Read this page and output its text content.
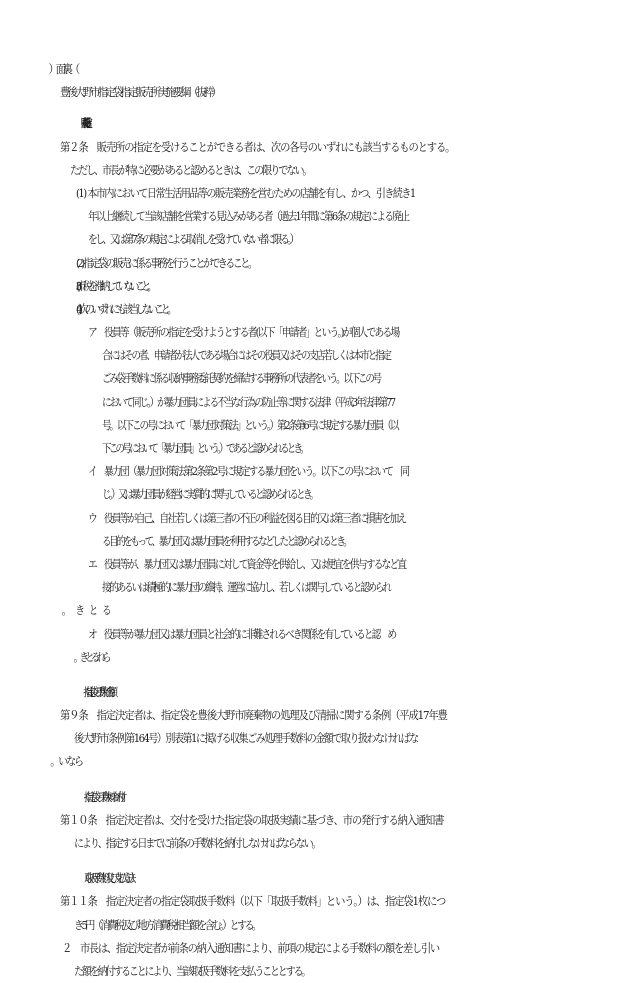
豊後大野市指定袋指定販売所実施要綱（抜粋）
（販売所の指定）
第２条　販売所の指定を受けることができる者は、次の各号のいずれにも該当するものとする。
ただし、市長が特に必要があると認めるときは、この限りでない。
(1) 本市内において日常生活用品等の販売業務を営むための店舗を有し、かつ、引き続き1
年以上継続して当該店舗を営業する見込みがある者（過去1年間に第6条の規定による廃止
をし、又は第7条の規定による取消しを受けていない者に限る。）
(2) 指定袋の販売に係る事務を行うことができること。
(3) 市税を滞納していないこと。
(4) 次のいずれにも該当しないこと。
ア　役員等（販売所の指定を受けようとする者(以下「申請者」という。)が個人である場
合にはその者、申請者が法人である場合にはその役員又はその支店若しくは本市と指定
ごみ袋手数料に係る収納事務委託契約を締結する事務所の代表者をいう。以下この号
において同じ。）が暴力団員による不当な行為の防止等に関する法律（平成3年法律第77
号。以下この号において「暴力団対策法」という。）第2条第6号に規定する暴力団員（以
下この号において「暴力団員」という。）であると認められるとき。
イ　暴力団（暴力団対策法第2条第2号に規定する暴力団をいう。以下この号において　同
じ。）又は暴力団員が経営に実質的に関与していると認められるとき。
ウ　役員等が自己、自社若しくは第三者の不正の利益を図る目的又は第三者に損害を加え
る目的をもって、暴力団又は暴力団員を利用するなどしたと認められるとき。
エ　役員等が、暴力団又は暴力団員に対して資金等を供給し、又は便宜を供与するなど直
接的あるいは積極的に暴力団の維持、運営に協力し、若しくは関与していると認められ
オ　役員等が暴力団又は暴力団員と社会的に非難されるべき関係を有していると認　め
（指定袋の手数料金額）
第９条　指定決定者は、指定袋を豊後大野市廃棄物の処理及び清掃に関する条例（平成17年豊
後大野市条例第164号）別表第1に掲げる収集ごみ処理手数料の金額で取り扱わなければな
（指定袋の手数料の納付）
第１０条　指定決定者は、交付を受けた指定袋の取扱実績に基づき、市の発行する納入通知書
により、指定する日までに前条の手数料を納付しなければならない。
（取扱手数料及び支払方法）
第１１条　指定決定者の指定袋取扱手数料（以下「取扱手数料」という。）は、指定袋1枚につ
き5円（消費税及び地方消費税相当額を含む。）とする。
２　市長は、指定決定者が前条の納入通知書により、前項の規定による手数料の額を差し引い
た額を納付することにより、当該取扱手数料を支払うこととする。
